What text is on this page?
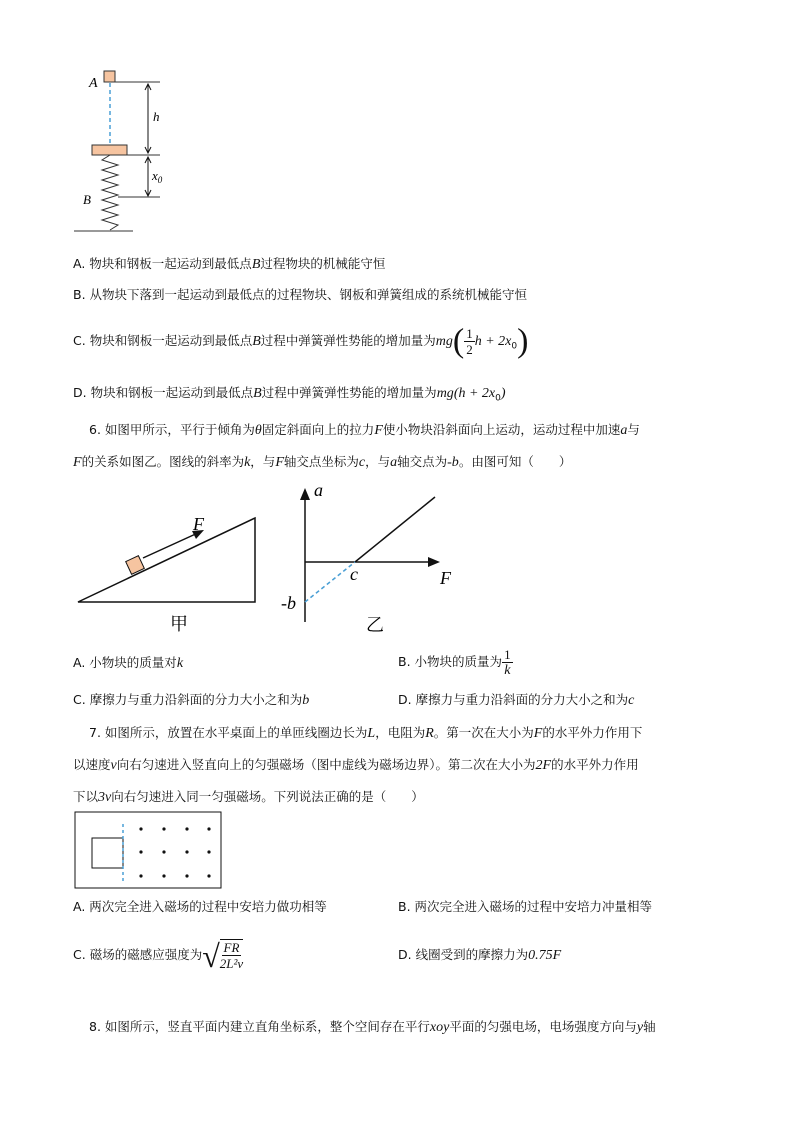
A
h
$x_0$
B
F
甲
a
F
c
-b
乙
A. 物块和钢板一起运动到最低点B过程物块的机械能守恒
B. 从物块下落到一起运动到最低点的过程物块、钢板和弹簧组成的系统机械能守恒
C. 物块和钢板一起运动到最低点B过程中弹簧弹性势能的增加量为$mg( \frac{1}{2}$ $h + 2x_0$)
D. 物块和钢板一起运动到最低点B过程中弹簧弹性势能的增加量为$mg(h + 2x_0)$
6. 如图甲所示，平行于倾角为θ固定斜面向上的拉力F使小物块沿斜面向上运动，运动过程中加速a与
F的关系如图乙。图线的斜率为k，与F轴交点坐标为c，与a轴交点为-b。由图可知（　　）
A. 小物块的质量对k	B. 小物块的质量为 $\frac{1}{k}$
C. 摩擦力与重力沿斜面的分力大小之和为b	D. 摩擦力与重力沿斜面的分力大小之和为c
7. 如图所示，放置在水平桌面上的单匝线圈边长为L，电阻为R。第一次在大小为F的水平外力作用下
以速度v向右匀速进入竖直向上的匀强磁场（图中虚线为磁场边界）。第二次在大小为2F的水平外力作用
下以3v向右匀速进入同一匀强磁场。下列说法正确的是（　　）
A. 两次完全进入磁场的过程中安培力做功相等	B. 两次完全进入磁场的过程中安培力冲量相等
C. 磁场的磁感应强度为 √ $\frac{FR}{\text{2L²v}}$	D. 线圈受到的摩擦力为0.75F
8. 如图所示，竖直平面内建立直角坐标系，整个空间存在平行xoy平面的匀强电场，电场强度方向与y轴
